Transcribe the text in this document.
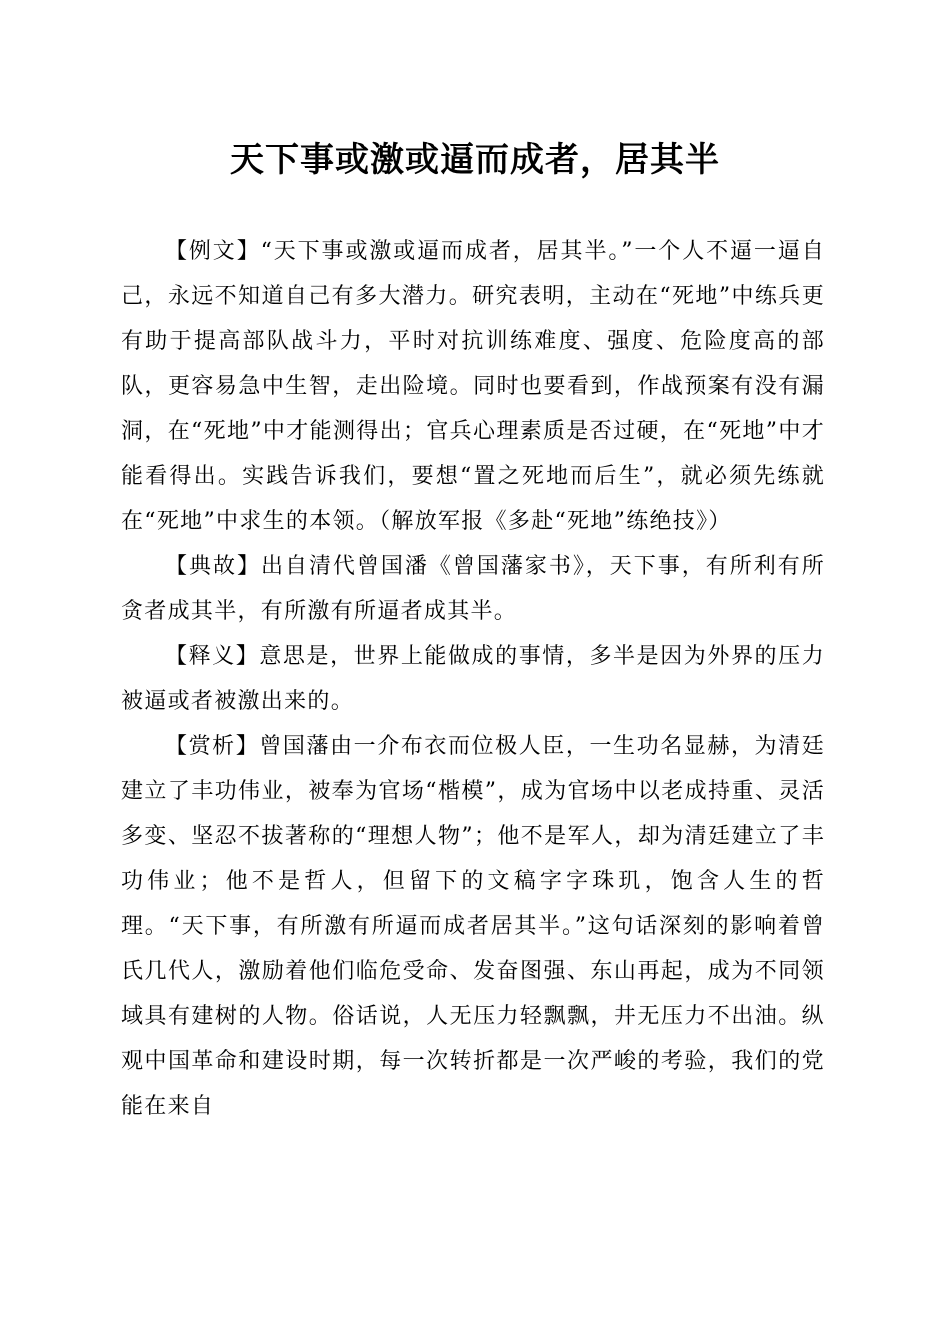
天下事或激或逼而成者，居其半

【例文】“天下事或激或逼而成者，居其半。”一个人不逼一逼自己，永远不知道自己有多大潜力。研究表明，主动在“死地”中练兵更有助于提高部队战斗力，平时对抗训练难度、强度、危险度高的部队，更容易急中生智，走出险境。同时也要看到，作战预案有没有漏洞，在“死地”中才能测得出；官兵心理素质是否过硬，在“死地”中才能看得出。实践告诉我们，要想“置之死地而后生”，就必须先练就在“死地”中求生的本领。（解放军报《多赴“死地”练绝技》）

【典故】出自清代曾国潘《曾国藩家书》，天下事，有所利有所贪者成其半，有所激有所逼者成其半。

【释义】意思是，世界上能做成的事情，多半是因为外界的压力被逼或者被激出来的。

【赏析】曾国藩由一介布衣而位极人臣，一生功名显赫，为清廷建立了丰功伟业，被奉为官场“楷模”，成为官场中以老成持重、灵活多变、坚忍不拔著称的“理想人物”；他不是军人，却为清廷建立了丰功伟业；他不是哲人，但留下的文稿字字珠玑，饱含人生的哲理。“天下事，有所激有所逼而成者居其半。”这句话深刻的影响着曾氏几代人，激励着他们临危受命、发奋图强、东山再起，成为不同领域具有建树的人物。俗话说，人无压力轻飘飘，井无压力不出油。纵观中国革命和建设时期，每一次转折都是一次严峻的考验，我们的党能在来自
